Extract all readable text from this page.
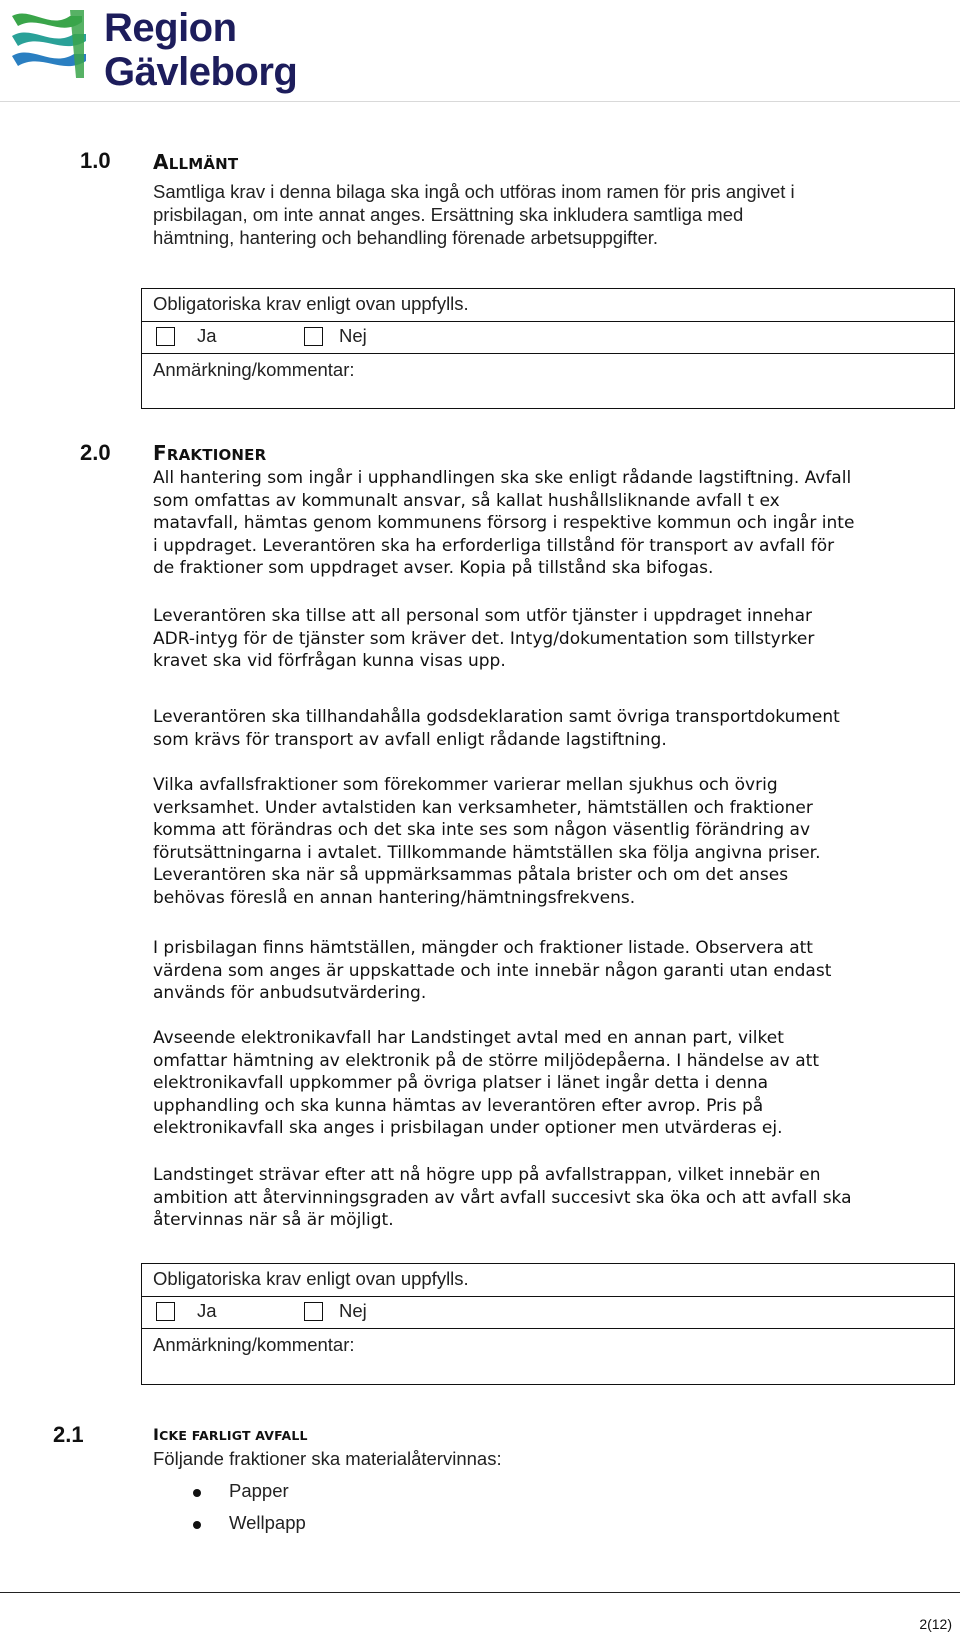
Region
Gävleborg
1.0 ALLMÄNT
Samtliga krav i denna bilaga ska ingå och utföras inom ramen för pris angivet i
prisbilagan, om inte annat anges. Ersättning ska inkludera samtliga med
hämtning, hantering och behandling förenade arbetsuppgifter.
Obligatoriska krav enligt ovan uppfylls.
Ja	Nej
Anmärkning/kommentar:
2.0 FRAKTIONER
All hantering som ingår i upphandlingen ska ske enligt rådande lagstiftning. Avfall
som omfattas av kommunalt ansvar, så kallat hushållsliknande avfall t ex
matavfall, hämtas genom kommunens försorg i respektive kommun och ingår inte
i uppdraget. Leverantören ska ha erforderliga tillstånd för transport av avfall för
de fraktioner som uppdraget avser. Kopia på tillstånd ska bifogas.
Leverantören ska tillse att all personal som utför tjänster i uppdraget innehar
ADR-intyg för de tjänster som kräver det. Intyg/dokumentation som tillstyrker
kravet ska vid förfrågan kunna visas upp.
Leverantören ska tillhandahålla godsdeklaration samt övriga transportdokument
som krävs för transport av avfall enligt rådande lagstiftning.
Vilka avfallsfraktioner som förekommer varierar mellan sjukhus och övrig
verksamhet. Under avtalstiden kan verksamheter, hämtställen och fraktioner
komma att förändras och det ska inte ses som någon väsentlig förändring av
förutsättningarna i avtalet. Tillkommande hämtställen ska följa angivna priser.
Leverantören ska när så uppmärksammas påtala brister och om det anses
behövas föreslå en annan hantering/hämtningsfrekvens.
I prisbilagan finns hämtställen, mängder och fraktioner listade. Observera att
värdena som anges är uppskattade och inte innebär någon garanti utan endast
används för anbudsutvärdering.
Avseende elektronikavfall har Landstinget avtal med en annan part, vilket
omfattar hämtning av elektronik på de större miljödepåerna. I händelse av att
elektronikavfall uppkommer på övriga platser i länet ingår detta i denna
upphandling och ska kunna hämtas av leverantören efter avrop. Pris på
elektronikavfall ska anges i prisbilagan under optioner men utvärderas ej.
Landstinget strävar efter att nå högre upp på avfallstrappan, vilket innebär en
ambition att återvinningsgraden av vårt avfall succesivt ska öka och att avfall ska
återvinnas när så är möjligt.
Obligatoriska krav enligt ovan uppfylls.
Ja	Nej
Anmärkning/kommentar:
2.1	ICKE FARLIGT AVFALL
Följande fraktioner ska materialåtervinnas:
Papper
Wellpapp
2(12)
